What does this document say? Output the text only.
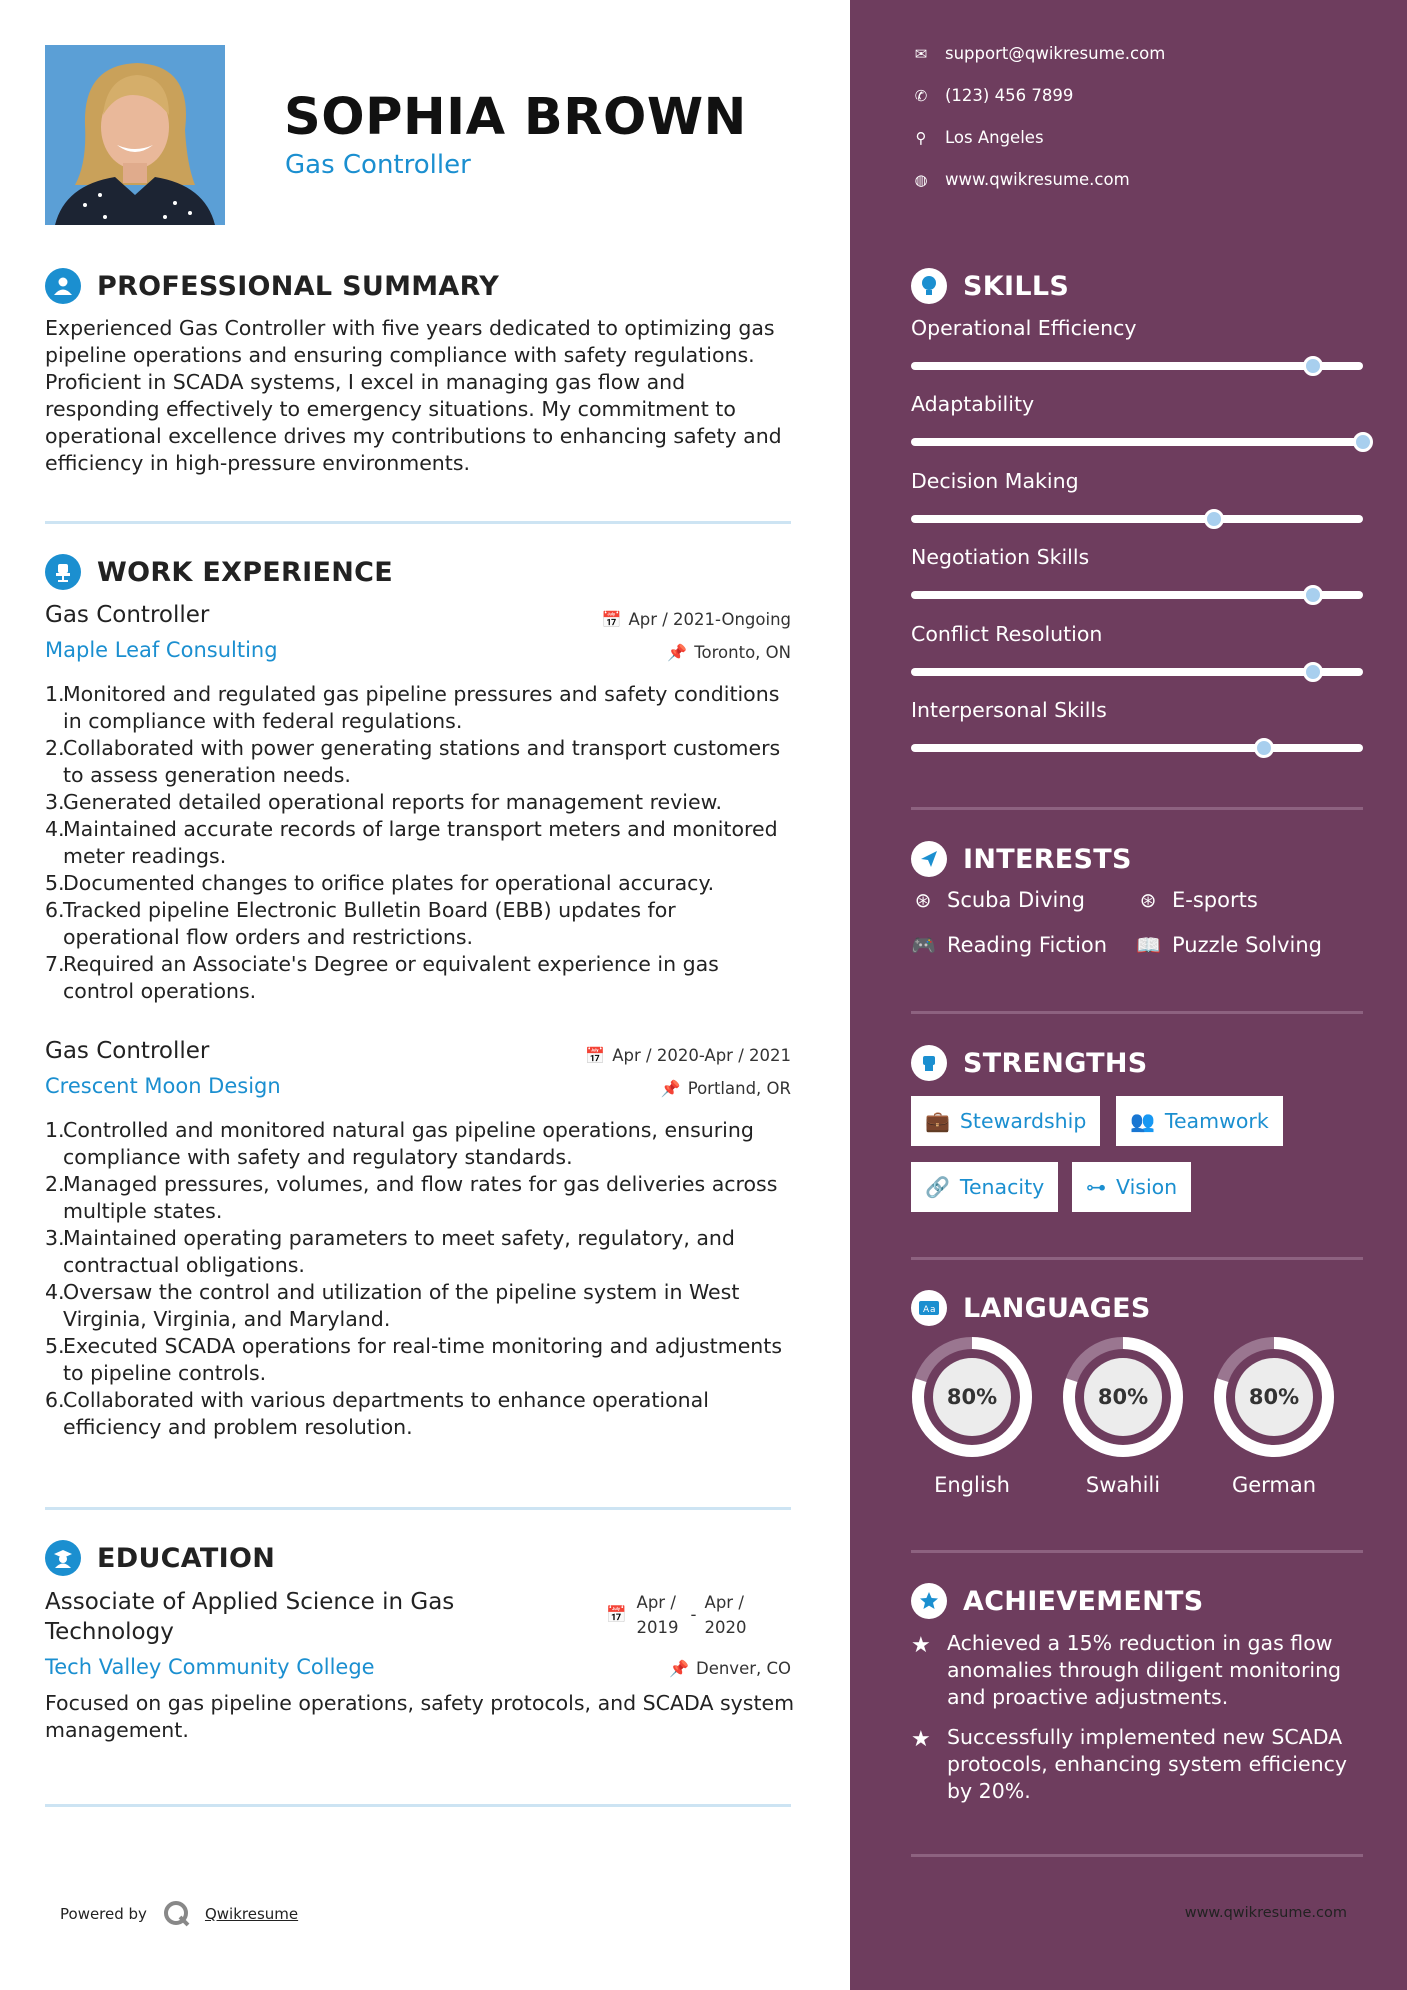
SOPHIA BROWN
Gas Controller
PROFESSIONAL SUMMARY
Experienced Gas Controller with five years dedicated to optimizing gas pipeline operations and ensuring compliance with safety regulations. Proficient in SCADA systems, I excel in managing gas flow and responding effectively to emergency situations. My commitment to operational excellence drives my contributions to enhancing safety and efficiency in high-pressure environments.
WORK EXPERIENCE
Gas Controller	📅 Apr / 2021-Ongoing
Maple Leaf Consulting	📌 Toronto, ON
1.
Monitored and regulated gas pipeline pressures and safety conditions in compliance with federal regulations.
2.
Collaborated with power generating stations and transport customers to assess generation needs.
3.
Generated detailed operational reports for management review.
4.
Maintained accurate records of large transport meters and monitored meter readings.
5.
Documented changes to orifice plates for operational accuracy.
6.
Tracked pipeline Electronic Bulletin Board (EBB) updates for operational flow orders and restrictions.
7.
Required an Associate's Degree or equivalent experience in gas control operations.
Gas Controller	📅 Apr / 2020-Apr / 2021
Crescent Moon Design	📌 Portland, OR
1.
Controlled and monitored natural gas pipeline operations, ensuring compliance with safety and regulatory standards.
2.
Managed pressures, volumes, and flow rates for gas deliveries across multiple states.
3.
Maintained operating parameters to meet safety, regulatory, and contractual obligations.
4.
Oversaw the control and utilization of the pipeline system in West Virginia, Virginia, and Maryland.
5.
Executed SCADA operations for real-time monitoring and adjustments to pipeline controls.
6.
Collaborated with various departments to enhance operational efficiency and problem resolution.
EDUCATION
Associate of Applied Science in Gas Technology
📅
Apr / 2019
-
Apr / 2020
Tech Valley Community College	📌 Denver, CO
Focused on gas pipeline operations, safety protocols, and SCADA system management.
Powered by	Qwikresume
✉ support@qwikresume.com
✆ (123) 456 7899
⚲ Los Angeles
◍ www.qwikresume.com
SKILLS
Operational Efficiency
Adaptability
Decision Making
Negotiation Skills
Conflict Resolution
Interpersonal Skills
INTERESTS
⊛ Scuba Diving	⊛ E-sports
🎮 Reading Fiction 📖 Puzzle Solving
STRENGTHS
💼 Stewardship 👥 Teamwork
🔗 Tenacity ⊶ Vision
A a LANGUAGES
80%
English
80%
Swahili
80%
German
ACHIEVEMENTS
★ Achieved a 15% reduction in gas flow anomalies through diligent monitoring and proactive adjustments.
★ Successfully implemented new SCADA protocols, enhancing system efficiency by 20%.
www.qwikresume.com
